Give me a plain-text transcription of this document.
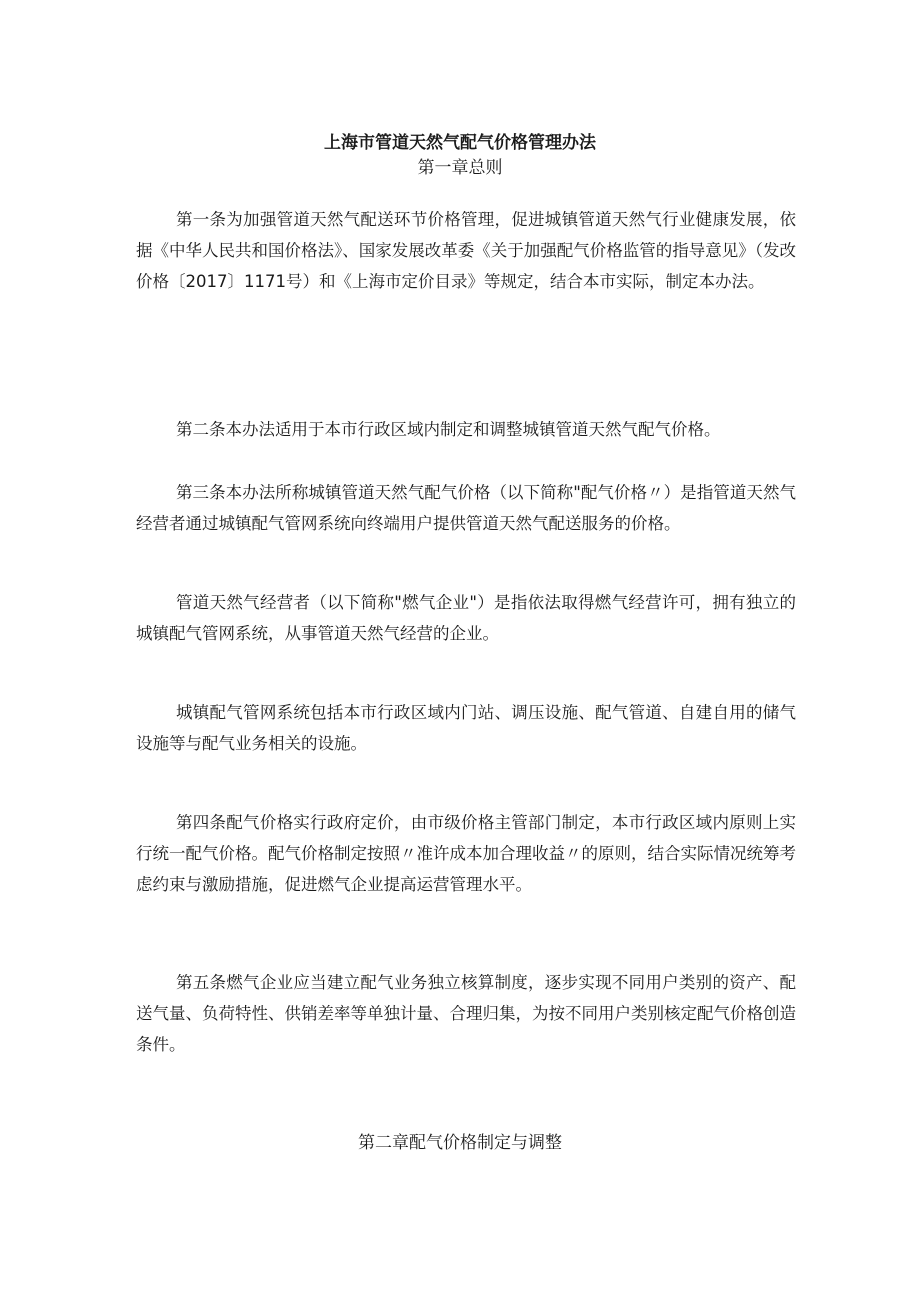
上海市管道天然气配气价格管理办法
第一章总则

第一条为加强管道天然气配送环节价格管理，促进城镇管道天然气行业健康发展，依据《中华人民共和国价格法》、国家发展改革委《关于加强配气价格监管的指导意见》（发改价格〔2017〕1171号）和《上海市定价目录》等规定，结合本市实际，制定本办法。

第二条本办法适用于本市行政区域内制定和调整城镇管道天然气配气价格。

第三条本办法所称城镇管道天然气配气价格（以下简称"配气价格〃）是指管道天然气经营者通过城镇配气管网系统向终端用户提供管道天然气配送服务的价格。

管道天然气经营者（以下简称"燃气企业"）是指依法取得燃气经营许可，拥有独立的城镇配气管网系统，从事管道天然气经营的企业。

城镇配气管网系统包括本市行政区域内门站、调压设施、配气管道、自建自用的储气设施等与配气业务相关的设施。

第四条配气价格实行政府定价，由市级价格主管部门制定，本市行政区域内原则上实行统一配气价格。配气价格制定按照〃准许成本加合理收益〃的原则，结合实际情况统筹考虑约束与激励措施，促进燃气企业提高运营管理水平。

第五条燃气企业应当建立配气业务独立核算制度，逐步实现不同用户类别的资产、配送气量、负荷特性、供销差率等单独计量、合理归集，为按不同用户类别核定配气价格创造条件。

第二章配气价格制定与调整
